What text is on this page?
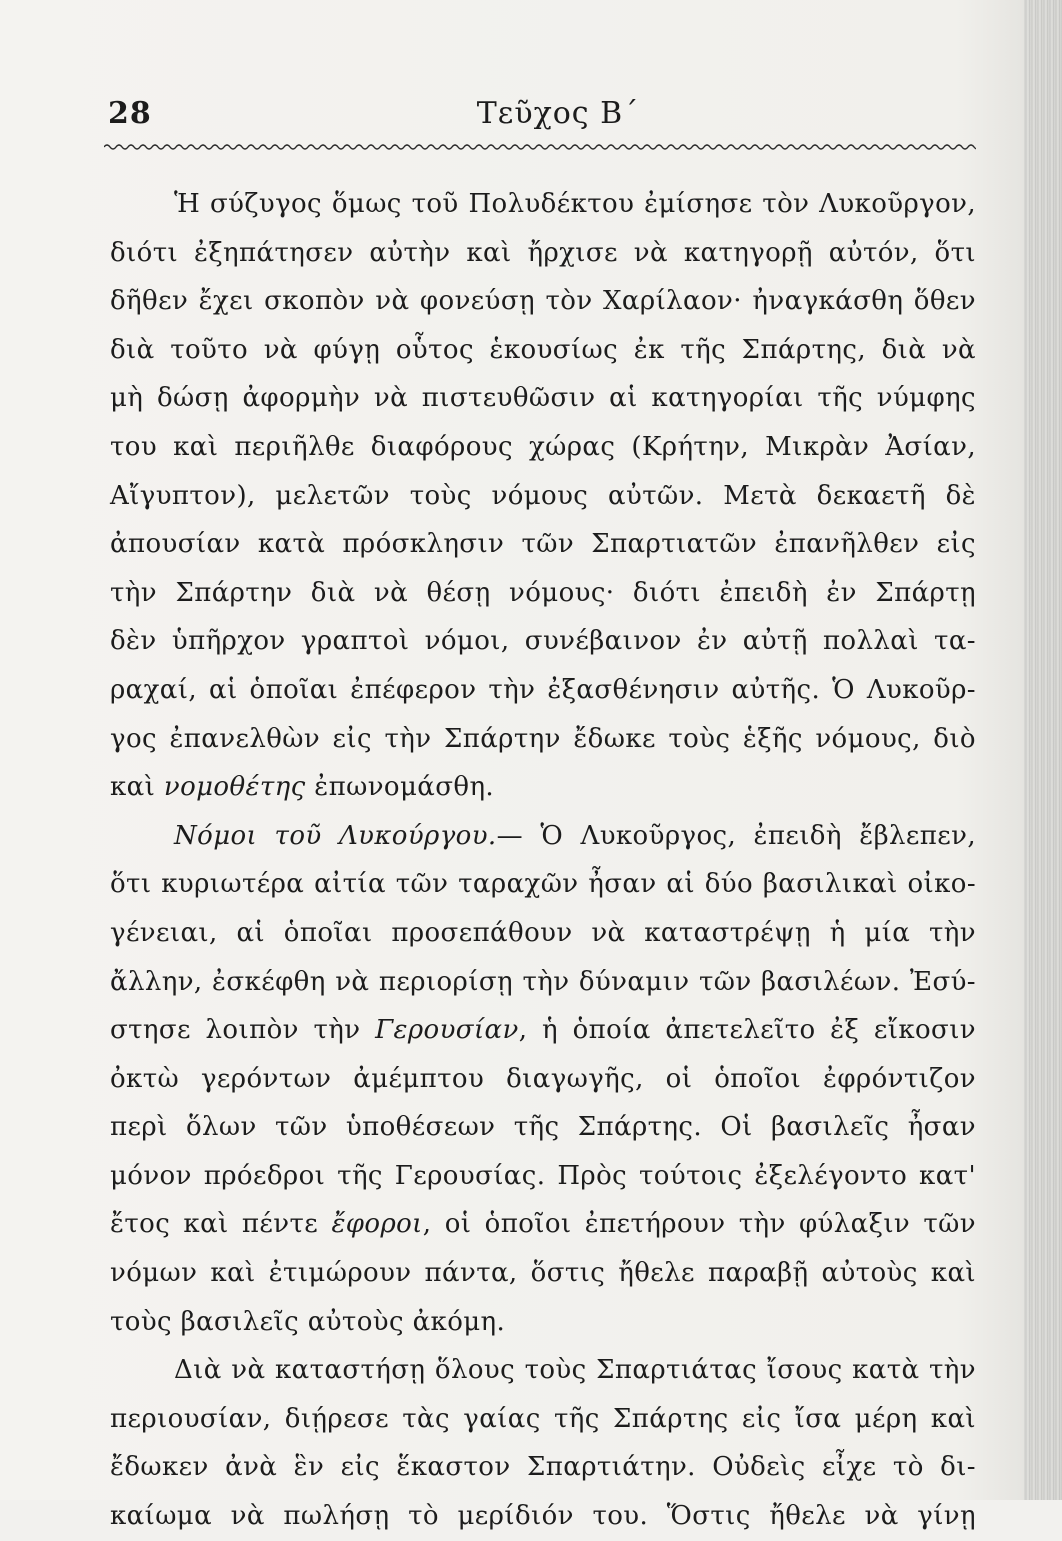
28	Τεῦχος Β΄
Ἡ σύζυγος ὅμως τοῦ Πολυδέκτου ἐμίσησε τὸν Λυκοῦργον,
διότι ἐξηπάτησεν αὐτὴν καὶ ἤρχισε νὰ κατηγορῇ αὐτόν, ὅτι
δῆθεν ἔχει σκοπὸν νὰ φονεύσῃ τὸν Χαρίλαον· ἠναγκάσθη ὅθεν
διὰ τοῦτο νὰ φύγῃ οὗτος ἑκουσίως ἐκ τῆς Σπάρτης, διὰ νὰ
μὴ δώσῃ ἀφορμὴν νὰ πιστευθῶσιν αἱ κατηγορίαι τῆς νύμφης
του καὶ περιῆλθε διαφόρους χώρας (Κρήτην, Μικρὰν Ἀσίαν,
Αἴγυπτον), μελετῶν τοὺς νόμους αὐτῶν. Μετὰ δεκαετῆ δὲ
ἀπουσίαν κατὰ πρόσκλησιν τῶν Σπαρτιατῶν ἐπανῆλθεν εἰς
τὴν Σπάρτην διὰ νὰ θέσῃ νόμους· διότι ἐπειδὴ ἐν Σπάρτῃ
δὲν ὑπῆρχον γραπτοὶ νόμοι, συνέβαινον ἐν αὐτῇ πολλαὶ τα-
ραχαί, αἱ ὁποῖαι ἐπέφερον τὴν ἐξασθένησιν αὐτῆς. Ὁ Λυκοῦρ-
γος ἐπανελθὼν εἰς τὴν Σπάρτην ἔδωκε τοὺς ἑξῆς νόμους, διὸ
καὶ νομοθέτης ἐπωνομάσθη.
Νόμοι τοῦ Λυκούργου.— Ὁ Λυκοῦργος, ἐπειδὴ ἔβλεπεν,
ὅτι κυριωτέρα αἰτία τῶν ταραχῶν ἦσαν αἱ δύο βασιλικαὶ οἰκο-
γένειαι, αἱ ὁποῖαι προσεπάθουν νὰ καταστρέψῃ ἡ μία τὴν
ἄλλην, ἐσκέφθη νὰ περιορίσῃ τὴν δύναμιν τῶν βασιλέων. Ἐσύ-
στησε λοιπὸν τὴν Γερουσίαν, ἡ ὁποία ἀπετελεῖτο ἐξ εἴκοσιν
ὀκτὼ γερόντων ἀμέμπτου διαγωγῆς, οἱ ὁποῖοι ἐφρόντιζον
περὶ ὅλων τῶν ὑποθέσεων τῆς Σπάρτης. Οἱ βασιλεῖς ἦσαν
μόνον πρόεδροι τῆς Γερουσίας. Πρὸς τούτοις ἐξελέγοντο κατ'
ἔτος καὶ πέντε ἔφοροι, οἱ ὁποῖοι ἐπετήρουν τὴν φύλαξιν τῶν
νόμων καὶ ἐτιμώρουν πάντα, ὅστις ἤθελε παραβῇ αὐτοὺς καὶ
τοὺς βασιλεῖς αὐτοὺς ἀκόμη.
Διὰ νὰ καταστήσῃ ὅλους τοὺς Σπαρτιάτας ἴσους κατὰ τὴν
περιουσίαν, διῄρεσε τὰς γαίας τῆς Σπάρτης εἰς ἴσα μέρη καὶ
ἔδωκεν ἀνὰ ἓν εἰς ἕκαστον Σπαρτιάτην. Οὐδεὶς εἶχε τὸ δι-
καίωμα νὰ πωλήσῃ τὸ μερίδιόν του. Ὅστις ἤθελε νὰ γίνῃ
